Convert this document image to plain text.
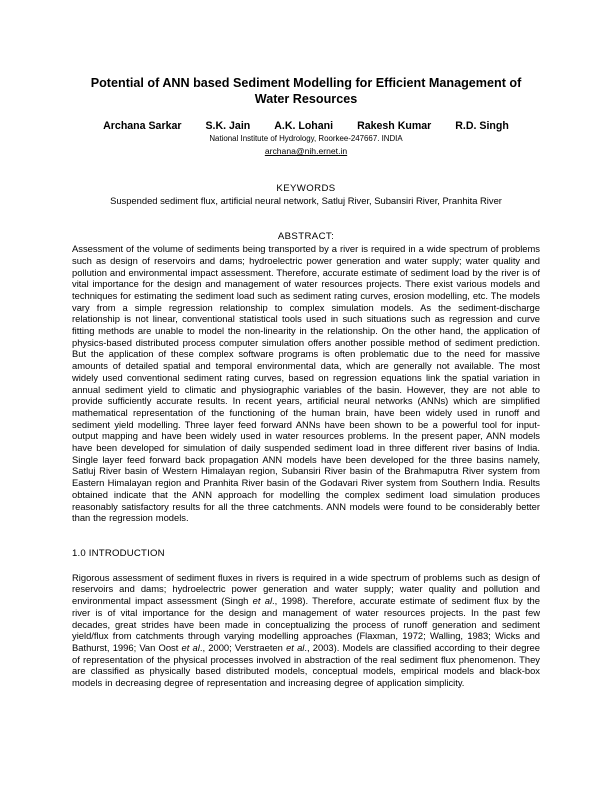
Potential of ANN based Sediment Modelling for Efficient Management of Water Resources
Archana Sarkar S.K. Jain A.K. Lohani Rakesh Kumar R.D. Singh
National Institute of Hydrology, Roorkee-247667. INDIA
archana@nih.ernet.in
KEYWORDS
Suspended sediment flux, artificial neural network, Satluj River, Subansiri River, Pranhita River
ABSTRACT:

Assessment of the volume of sediments being transported by a river is required in a wide spectrum of problems such as design of reservoirs and dams; hydroelectric power generation and water supply; water quality and pollution and environmental impact assessment. Therefore, accurate estimate of sediment load by the river is of vital importance for the design and management of water resources projects. There exist various models and techniques for estimating the sediment load such as sediment rating curves, erosion modelling, etc. The models vary from a simple regression relationship to complex simulation models. As the sediment-discharge relationship is not linear, conventional statistical tools used in such situations such as regression and curve fitting methods are unable to model the non-linearity in the relationship. On the other hand, the application of physics-based distributed process computer simulation offers another possible method of sediment prediction. But the application of these complex software programs is often problematic due to the need for massive amounts of detailed spatial and temporal environmental data, which are generally not available. The most widely used conventional sediment rating curves, based on regression equations link the spatial variation in annual sediment yield to climatic and physiographic variables of the basin. However, they are not able to provide sufficiently accurate results. In recent years, artificial neural networks (ANNs) which are simplified mathematical representation of the functioning of the human brain, have been widely used in runoff and sediment yield modelling. Three layer feed forward ANNs have been shown to be a powerful tool for input-output mapping and have been widely used in water resources problems. In the present paper, ANN models have been developed for simulation of daily suspended sediment load in three different river basins of India. Single layer feed forward back propagation ANN models have been developed for the three basins namely, Satluj River basin of Western Himalayan region, Subansiri River basin of the Brahmaputra River system from Eastern Himalayan region and Pranhita River basin of the Godavari River system from Southern India. Results obtained indicate that the ANN approach for modelling the complex sediment load simulation produces reasonably satisfactory results for all the three catchments. ANN models were found to be considerably better than the regression models.

1.0 INTRODUCTION

Rigorous assessment of sediment fluxes in rivers is required in a wide spectrum of problems such as design of reservoirs and dams; hydroelectric power generation and water supply; water quality and pollution and environmental impact assessment (Singh et al., 1998). Therefore, accurate estimate of sediment flux by the river is of vital importance for the design and management of water resources projects. In the past few decades, great strides have been made in conceptualizing the process of runoff generation and sediment yield/flux from catchments through varying modelling approaches (Flaxman, 1972; Walling, 1983; Wicks and Bathurst, 1996; Van Oost et al., 2000; Verstraeten et al., 2003). Models are classified according to their degree of representation of the physical processes involved in abstraction of the real sediment flux phenomenon. They are classified as physically based distributed models, conceptual models, empirical models and black-box models in decreasing degree of representation and increasing degree of application simplicity.
